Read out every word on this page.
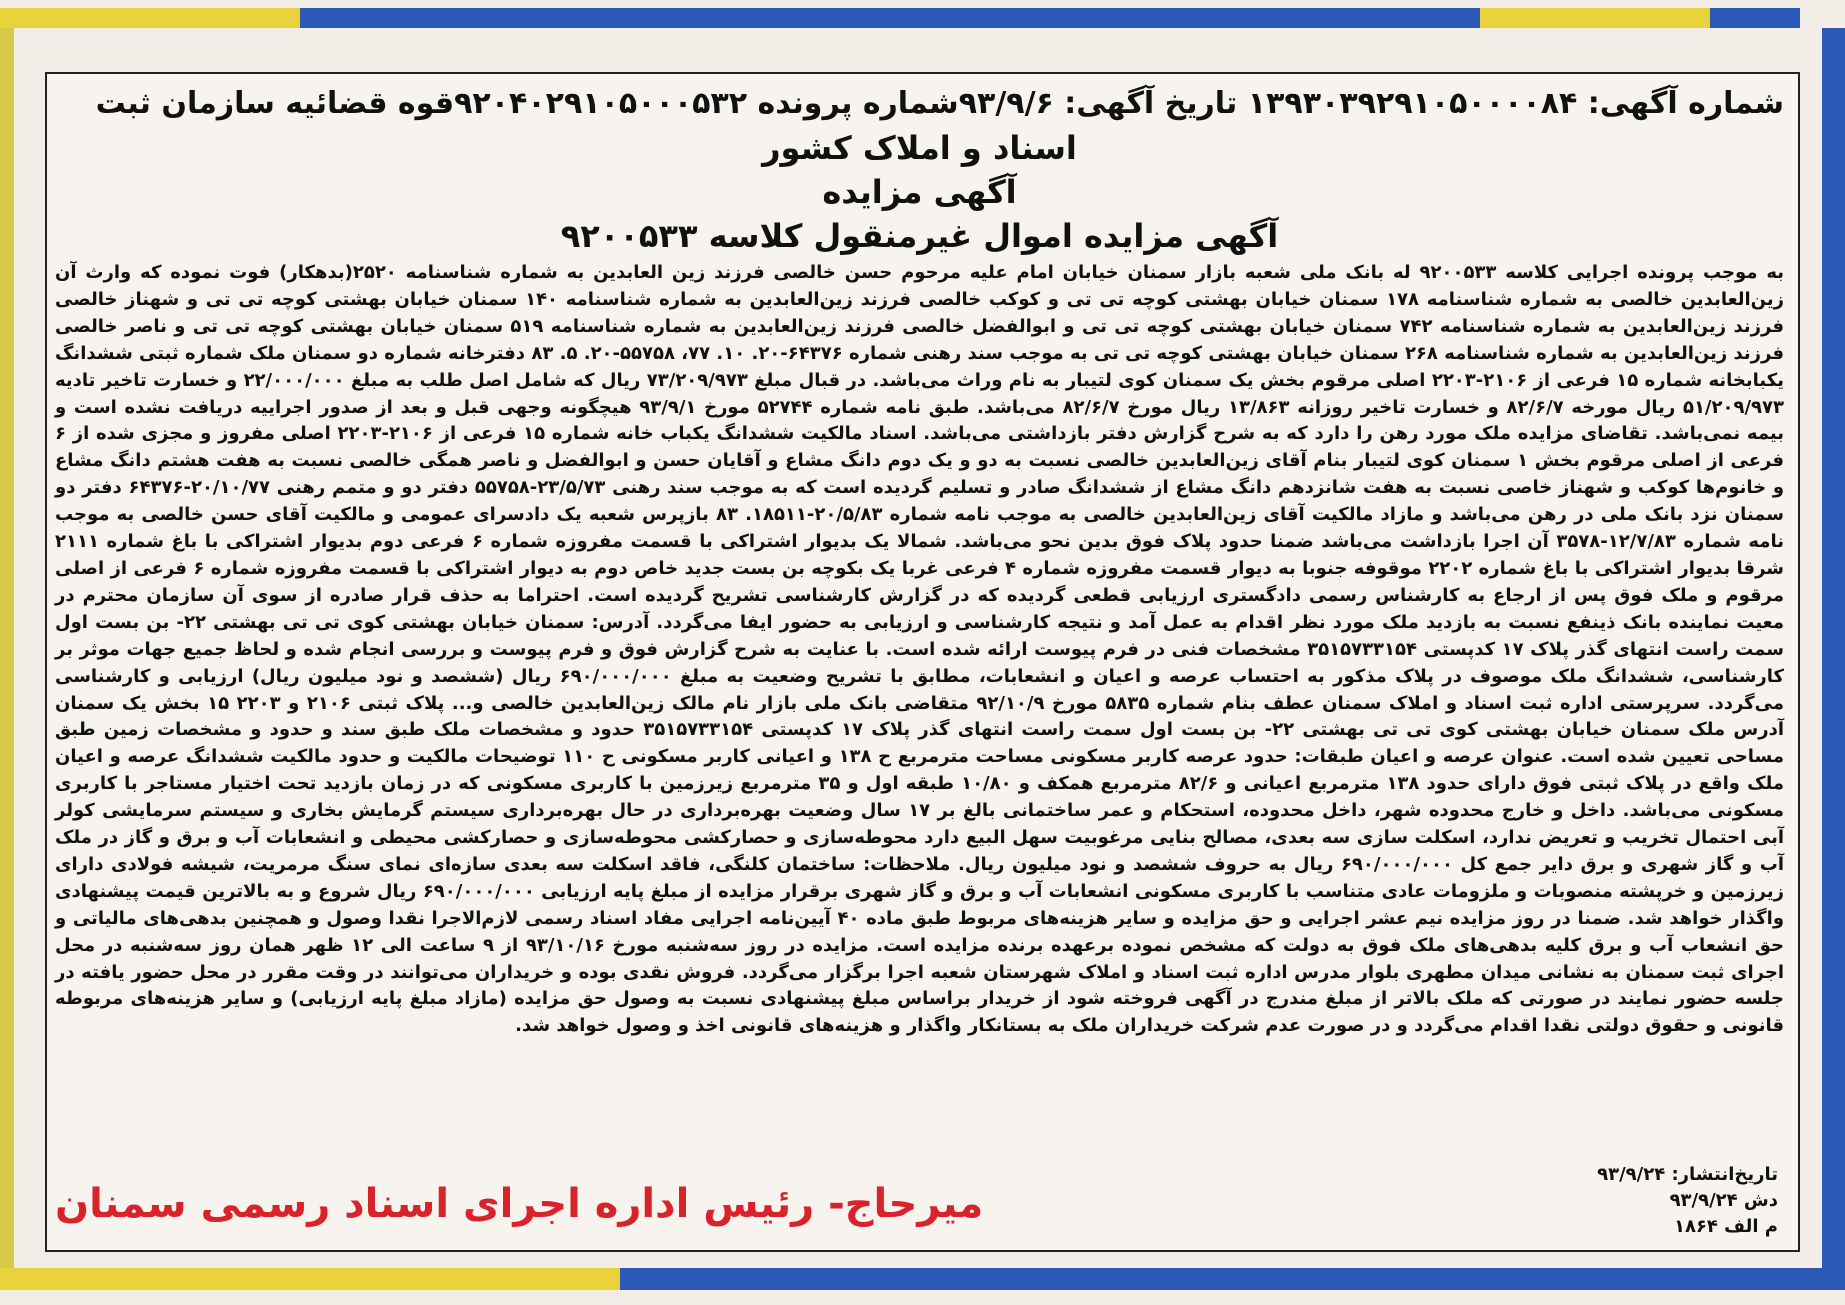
شماره آگهی: ۱۳۹۳۰۳۹۲۹۱۰۵۰۰۰۰۸۴ تاریخ آگهی: ۹۳/۹/۶شماره پرونده ۹۲۰۴۰۲۹۱۰۵۰۰۰۵۳۲قوه قضائیه سازمان ثبت

اسناد و املاک کشور

آگهی مزایده

آگهی مزایده اموال غیرمنقول کلاسه ۹۲۰۰۵۳۳

به موجب پرونده اجرایی کلاسه ۹۲۰۰۵۳۳ له بانک ملی شعبه بازار سمنان خیابان امام علیه مرحوم حسن خالصی فرزند زین العابدین به شماره شناسنامه ۲۵۲۰(بدهکار) فوت نموده که وارث آن زین‌العابدین خالصی به شماره شناسنامه ۱۷۸ سمنان خیابان بهشتی کوچه تی تی و کوکب خالصی فرزند زین‌العابدین به شماره شناسنامه ۱۴۰ سمنان خیابان بهشتی کوچه تی تی و شهناز خالصی فرزند زین‌العابدین به شماره شناسنامه ۷۴۲ سمنان خیابان بهشتی کوچه تی تی و ابوالفضل خالصی فرزند زین‌العابدین به شماره شناسنامه ۵۱۹ سمنان خیابان بهشتی کوچه تی تی و ناصر خالصی فرزند زین‌العابدین به شماره شناسنامه ۲۶۸ سمنان خیابان بهشتی کوچه تی تی به موجب سند رهنی شماره ۶۴۳۷۶-۲۰. ۱۰. ۷۷، ۵۵۷۵۸-۲۰. ۵. ۸۳ دفترخانه شماره دو سمنان ملک شماره ثبتی ششدانگ یکبابخانه شماره ۱۵ فرعی از ۲۱۰۶-۲۲۰۳ اصلی مرقوم بخش یک سمنان کوی لتیبار به نام وراث می‌باشد. در قبال مبلغ ۷۳/۲۰۹/۹۷۳ ریال که شامل اصل طلب به مبلغ ۲۲/۰۰۰/۰۰۰ و خسارت تاخیر تادیه ۵۱/۲۰۹/۹۷۳ ریال مورخه ۸۲/۶/۷ و خسارت تاخیر روزانه ۱۳/۸۶۳ ریال مورخ ۸۲/۶/۷ می‌باشد. طبق نامه شماره ۵۲۷۴۴ مورخ ۹۳/۹/۱ هیچگونه وجهی قبل و بعد از صدور اجراییه دریافت نشده است و بیمه نمی‌باشد. تقاضای مزایده ملک مورد رهن را دارد که به شرح گزارش دفتر بازداشتی می‌باشد. اسناد مالکیت ششدانگ یکباب خانه شماره ۱۵ فرعی از ۲۱۰۶-۲۲۰۳ اصلی مفروز و مجزی شده از ۶ فرعی از اصلی مرقوم بخش ۱ سمنان کوی لتیبار بنام آقای زین‌العابدین خالصی نسبت به دو و یک دوم دانگ مشاع و آقایان حسن و ابوالفضل و ناصر همگی خالصی نسبت به هفت هشتم دانگ مشاع و خانوم‌ها کوکب و شهناز خاصی نسبت به هفت شانزدهم دانگ مشاع از ششدانگ صادر و تسلیم گردیده است که به موجب سند رهنی ۲۳/۵/۷۳-۵۵۷۵۸ دفتر دو و متمم رهنی ۲۰/۱۰/۷۷-۶۴۳۷۶ دفتر دو سمنان نزد بانک ملی در رهن می‌باشد و مازاد مالکیت آقای زین‌العابدین خالصی به موجب نامه شماره ۲۰/۵/۸۳-۱۸۵۱۱. ۸۳ بازپرس شعبه یک دادسرای عمومی و مالکیت آقای حسن خالصی به موجب نامه شماره ۱۲/۷/۸۳-۳۵۷۸ آن اجرا بازداشت می‌باشد ضمنا حدود پلاک فوق بدین نحو می‌باشد. شمالا یک بدیوار اشتراکی با قسمت مفروزه شماره ۶ فرعی دوم بدیوار اشتراکی با باغ شماره ۲۱۱۱ شرقا بدیوار اشتراکی با باغ شماره ۲۲۰۲ موقوفه جنوبا به دیوار قسمت مفروزه شماره ۴ فرعی غربا یک بکوچه بن بست جدید خاص دوم به دیوار اشتراکی با قسمت مفروزه شماره ۶ فرعی از اصلی مرقوم و ملک فوق پس از ارجاع به کارشناس رسمی دادگستری ارزیابی قطعی گردیده که در گزارش کارشناسی تشریح گردیده است. احتراما به حذف قرار صادره از سوی آن سازمان محترم در معیت نماینده بانک ذینفع نسبت به بازدید ملک مورد نظر اقدام به عمل آمد و نتیجه کارشناسی و ارزیابی به حضور ایفا می‌گردد. آدرس: سمنان خیابان بهشتی کوی تی تی بهشتی ۲۲- بن بست اول سمت راست انتهای گذر پلاک ۱۷ کدپستی ۳۵۱۵۷۳۳۱۵۴ مشخصات فنی در فرم پیوست ارائه شده است. با عنایت به شرح گزارش فوق و فرم پیوست و بررسی انجام شده و لحاظ جمیع جهات موثر بر کارشناسی، ششدانگ ملک موصوف در پلاک مذکور به احتساب عرصه و اعیان و انشعابات، مطابق با تشریح وضعیت به مبلغ ۶۹۰/۰۰۰/۰۰۰ ریال (ششصد و نود میلیون ریال) ارزیابی و کارشناسی می‌گردد. سرپرستی اداره ثبت اسناد و املاک سمنان عطف بنام شماره ۵۸۳۵ مورخ ۹۲/۱۰/۹ متقاضی بانک ملی بازار نام مالک زین‌العابدین خالصی و... پلاک ثبتی ۲۱۰۶ و ۲۲۰۳ ۱۵ بخش یک سمنان آدرس ملک سمنان خیابان بهشتی کوی تی تی بهشتی ۲۲- بن بست اول سمت راست انتهای گذر پلاک ۱۷ کدپستی ۳۵۱۵۷۳۳۱۵۴ حدود و مشخصات ملک طبق سند و حدود و مشخصات زمین طبق مساحی تعیین شده است. عنوان عرصه و اعیان طبقات: حدود عرصه کاربر مسکونی مساحت مترمربع ح ۱۳۸ و اعیانی کاربر مسکونی ح ۱۱۰ توضیحات مالکیت و حدود مالکیت ششدانگ عرصه و اعیان ملک واقع در پلاک ثبتی فوق دارای حدود ۱۳۸ مترمربع اعیانی و ۸۲/۶ مترمربع همکف و ۱۰/۸۰ طبقه اول و ۳۵ مترمربع زیرزمین با کاربری مسکونی که در زمان بازدید تحت اختیار مستاجر با کاربری مسکونی می‌باشد. داخل و خارج محدوده شهر، داخل محدوده، استحکام و عمر ساختمانی بالغ بر ۱۷ سال وضعیت بهره‌برداری در حال بهره‌برداری سیستم گرمایش بخاری و سیستم سرمایشی کولر آبی احتمال تخریب و تعریض ندارد، اسکلت سازی سه بعدی، مصالح بنایی مرغوبیت سهل البیع دارد محوطه‌سازی و حصارکشی محوطه‌سازی و حصارکشی محیطی و انشعابات آب و برق و گاز در ملک آب و گاز شهری و برق دایر جمع کل ۶۹۰/۰۰۰/۰۰۰ ریال به حروف ششصد و نود میلیون ریال. ملاحظات: ساختمان کلنگی، فاقد اسکلت سه بعدی سازه‌ای نمای سنگ مرمریت، شیشه فولادی دارای زیرزمین و خرپشته منصوبات و ملزومات عادی متناسب با کاربری مسکونی انشعابات آب و برق و گاز شهری برقرار مزایده از مبلغ پایه ارزیابی ۶۹۰/۰۰۰/۰۰۰ ریال شروع و به بالاترین قیمت پیشنهادی واگذار خواهد شد. ضمنا در روز مزایده نیم عشر اجرایی و حق مزایده و سایر هزینه‌های مربوط طبق ماده ۴۰ آیین‌نامه اجرایی مفاد اسناد رسمی لازم‌الاجرا نقدا وصول و همچنین بدهی‌های مالیاتی و حق انشعاب آب و برق کلیه بدهی‌های ملک فوق به دولت که مشخص نموده برعهده برنده مزایده است. مزایده در روز سه‌شنبه مورخ ۹۳/۱۰/۱۶ از ۹ ساعت الی ۱۲ ظهر همان روز سه‌شنبه در محل اجرای ثبت سمنان به نشانی میدان مطهری بلوار مدرس اداره ثبت اسناد و املاک شهرستان شعبه اجرا برگزار می‌گردد. فروش نقدی بوده و خریداران می‌توانند در وقت مقرر در محل حضور یافته در جلسه حضور نمایند در صورتی که ملک بالاتر از مبلغ مندرج در آگهی فروخته شود از خریدار براساس مبلغ پیشنهادی نسبت به وصول حق مزایده (مازاد مبلغ پایه ارزیابی) و سایر هزینه‌های مربوطه قانونی و حقوق دولتی نقدا اقدام می‌گردد و در صورت عدم شرکت خریداران ملک به بستانکار واگذار و هزینه‌های قانونی اخذ و وصول خواهد شد.

تاریخ‌انتشار: ۹۳/۹/۲۴
دش ۹۳/۹/۲۴
م الف ۱۸۶۴
میرحاج- رئیس اداره اجرای اسناد رسمی سمنان
